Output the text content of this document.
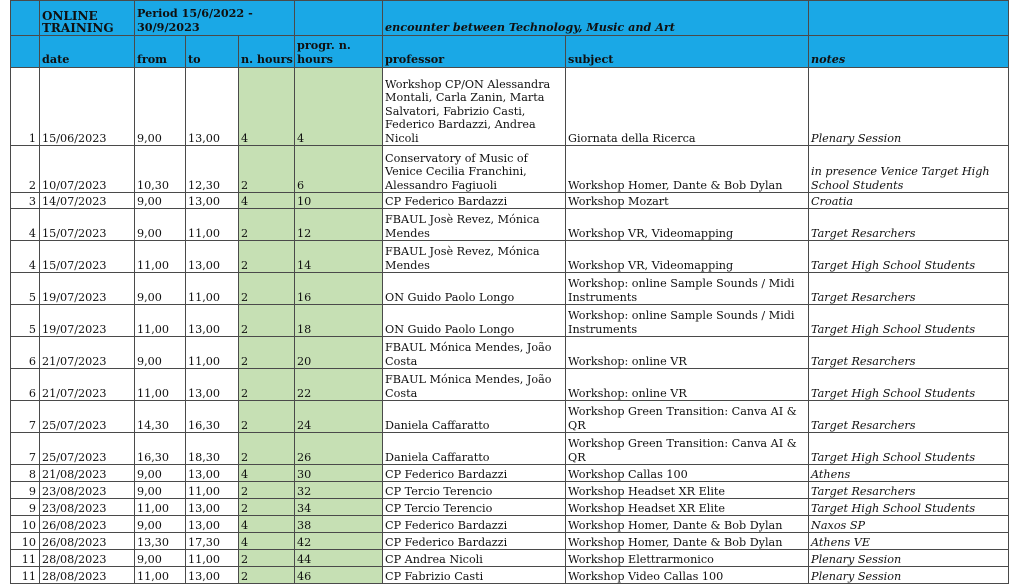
	ONLINE TRAINING	Period 15/6/2022 - 30/9/2023				encounter between Technology, Music and Art		
	date	from	to	n. hours	progr. n. hours	professor	subject	notes
1	15/06/2023	9,00	13,00	4	4	Workshop CP/ON Alessandra Montali, Carla Zanin, Marta Salvatori, Fabrizio Casti, Federico Bardazzi, Andrea Nicoli	Giornata della Ricerca	Plenary Session
2	10/07/2023	10,30	12,30	2	6	Conservatory of Music of Venice Cecilia Franchini, Alessandro Fagiuoli	Workshop Homer, Dante & Bob Dylan	in presence Venice Target High School Students
3	14/07/2023	9,00	13,00	4	10	CP Federico Bardazzi	Workshop Mozart	Croatia
4	15/07/2023	9,00	11,00	2	12	FBAUL Josè Revez, Mónica Mendes	Workshop VR, Videomapping	Target Resarchers
4	15/07/2023	11,00	13,00	2	14	FBAUL Josè Revez, Mónica Mendes	Workshop VR, Videomapping	Target High School Students
5	19/07/2023	9,00	11,00	2	16	ON Guido Paolo Longo	Workshop: online Sample Sounds / Midi Instruments	Target Resarchers
5	19/07/2023	11,00	13,00	2	18	ON Guido Paolo Longo	Workshop: online Sample Sounds / Midi Instruments	Target High School Students
6	21/07/2023	9,00	11,00	2	20	FBAUL Mónica Mendes, João Costa	Workshop: online VR	Target Resarchers
6	21/07/2023	11,00	13,00	2	22	FBAUL Mónica Mendes, João Costa	Workshop: online VR	Target High School Students
7	25/07/2023	14,30	16,30	2	24	Daniela Caffaratto	Workshop Green Transition: Canva AI & QR	Target Resarchers
7	25/07/2023	16,30	18,30	2	26	Daniela Caffaratto	Workshop Green Transition: Canva AI & QR	Target High School Students
8	21/08/2023	9,00	13,00	4	30	CP Federico Bardazzi	Workshop Callas 100	Athens
9	23/08/2023	9,00	11,00	2	32	CP Tercio Terencio	Workshop Headset XR Elite	Target Resarchers
9	23/08/2023	11,00	13,00	2	34	CP Tercio Terencio	Workshop Headset XR Elite	Target High School Students
10	26/08/2023	9,00	13,00	4	38	CP Federico Bardazzi	Workshop Homer, Dante & Bob Dylan	Naxos SP
10	26/08/2023	13,30	17,30	4	42	CP Federico Bardazzi	Workshop Homer, Dante & Bob Dylan	Athens VE
11	28/08/2023	9,00	11,00	2	44	CP Andrea Nicoli	Workshop Elettrarmonico	Plenary Session
11	28/08/2023	11,00	13,00	2	46	CP Fabrizio Casti	Workshop Video Callas 100	Plenary Session
